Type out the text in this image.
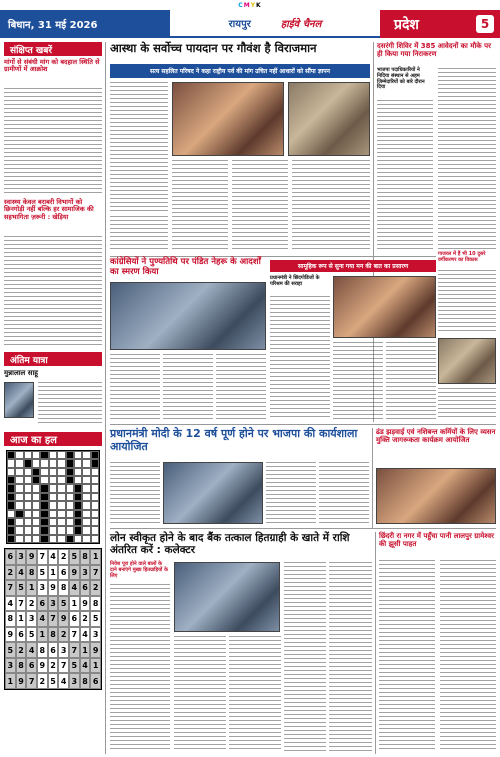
CMYK
बिधान, 31 मई 2026	रायपुर	हाईवे चैनल	प्रदेश	5
संक्षिप्त खबरें
मांगों से संबंधी मांग को बदहाल स्थिति से ग्रामीणों में आक्रोश
स्वास्थ्य केवल बराबरी विभागों को छिनगोड़ी नहीं बल्कि हर सामाजिक की सहभागिता ज़रूरी : खेड़िया
अंतिम यात्रा
मुन्नालाल साहू
आज का हल
6 3 9 7 4 2 5 8 1
2 4 8 5 1 6 9 3 7
7 5 1 3 9 8 4 6 2
4 7 2 6 3 5 1 9 8
8 1 3 4 7 9 6 2 5
9 6 5 1 8 2 7 4 3
5 2 4 8 6 3 7 1 9
3 8 6 9 2 7 5 4 1
1 9 7 2 5 4 3 8 6
आस्था के सर्वोच्च पायदान पर गौवंश है विराजमान
सत्य सहलित परिषद ने कहा राष्ट्रीय पर्व की मांग उचित नहीं आधारों को सौंपा ज्ञापन
दसरंगी शिविर में 385 आवेदनों का मौके पर ही किया गया निराकरण
भाजपा पदाधिकारियों ने निदिया संस्थान से अहम जिम्मेदारियों को बारे दौरान दिया
गाजरल में हैं भी 10 दुसरे वर्गीकरणर का विकास
कांग्रेसियों ने पुण्यतिथि पर पंडित नेहरू के आदर्शों का स्मरण किया
सामूहिक रूप से सुना गया मन की बात का प्रसारण
प्रधानमंत्री ने छिंदगोडिजों के परिश्रम की सराहा
प्रधानमंत्री मोदी के 12 वर्ष पूर्ण होने पर भाजपा की कार्यशाला आयोजित
ढंड झड़वाई एवं नशिबन्त कर्मियों के लिए व्यसन मुक्ति जागरूकता कार्यक्रम आयोजित
लोन स्वीकृत होने के बाद बैंक तत्काल हितग्राही के खाते में राशि अंतरित करें : कलेक्टर
निवेश पूरा होने वाले बालों के दाने बनाएंगे मुख्य हितग्राहियों के लिए
छिंदरी रा नगर में पहुँचा पानी लालपुर ग्रामेश्वर की झूसी पाहत
